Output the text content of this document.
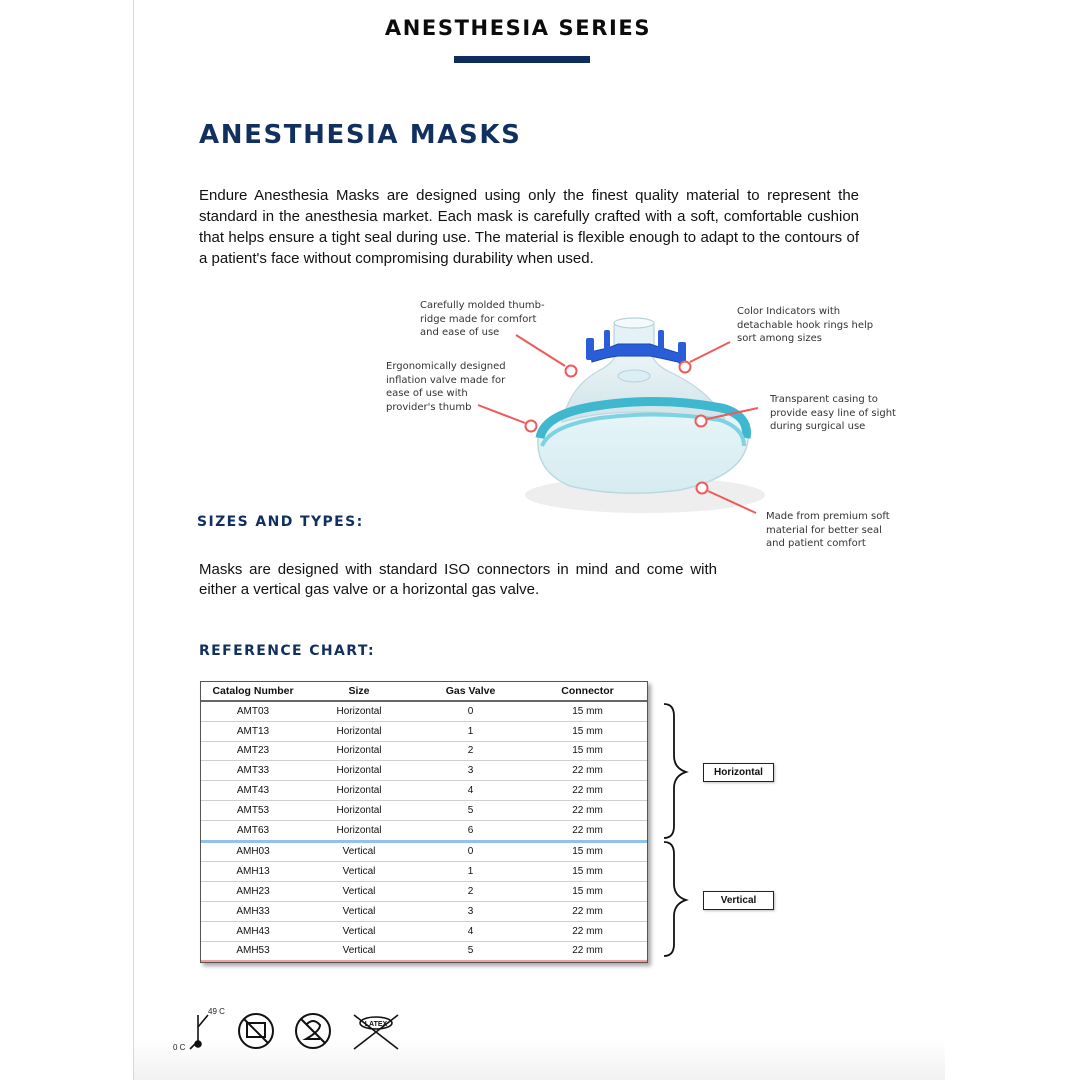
ANESTHESIA SERIES
ANESTHESIA MASKS

Endure Anesthesia Masks are designed using only the finest quality material to represent the standard in the anesthesia market. Each mask is carefully crafted with a soft, comfortable cushion that helps ensure a tight seal during use. The material is flexible enough to adapt to the contours of a patient's face without compromising durability when used.

Carefully molded thumb-ridge made for comfort and ease of use

Color Indicators with detachable hook rings help sort among sizes

Ergonomically designed inflation valve made for ease of use with provider's thumb

Transparent casing to provide easy line of sight during surgical use

Made from premium soft material for better seal and patient comfort

SIZES AND TYPES:

Masks are designed with standard ISO connectors in mind and come with either a vertical gas valve or a horizontal gas valve.

REFERENCE CHART:
Catalog Number	Size	Gas Valve	Connector
AMT03	Horizontal	0	15 mm
AMT13	Horizontal	1	15 mm
AMT23	Horizontal	2	15 mm
AMT33	Horizontal	3	22 mm
AMT43	Horizontal	4	22 mm
AMT53	Horizontal	5	22 mm
AMT63	Horizontal	6	22 mm
AMH03	Vertical	0	15 mm
AMH13	Vertical	1	15 mm
AMH23	Vertical	2	15 mm
AMH33	Vertical	3	22 mm
AMH43	Vertical	4	22 mm
AMH53	Vertical	5	22 mm
Horizontal
Vertical
LATEX
49 C
0 C
